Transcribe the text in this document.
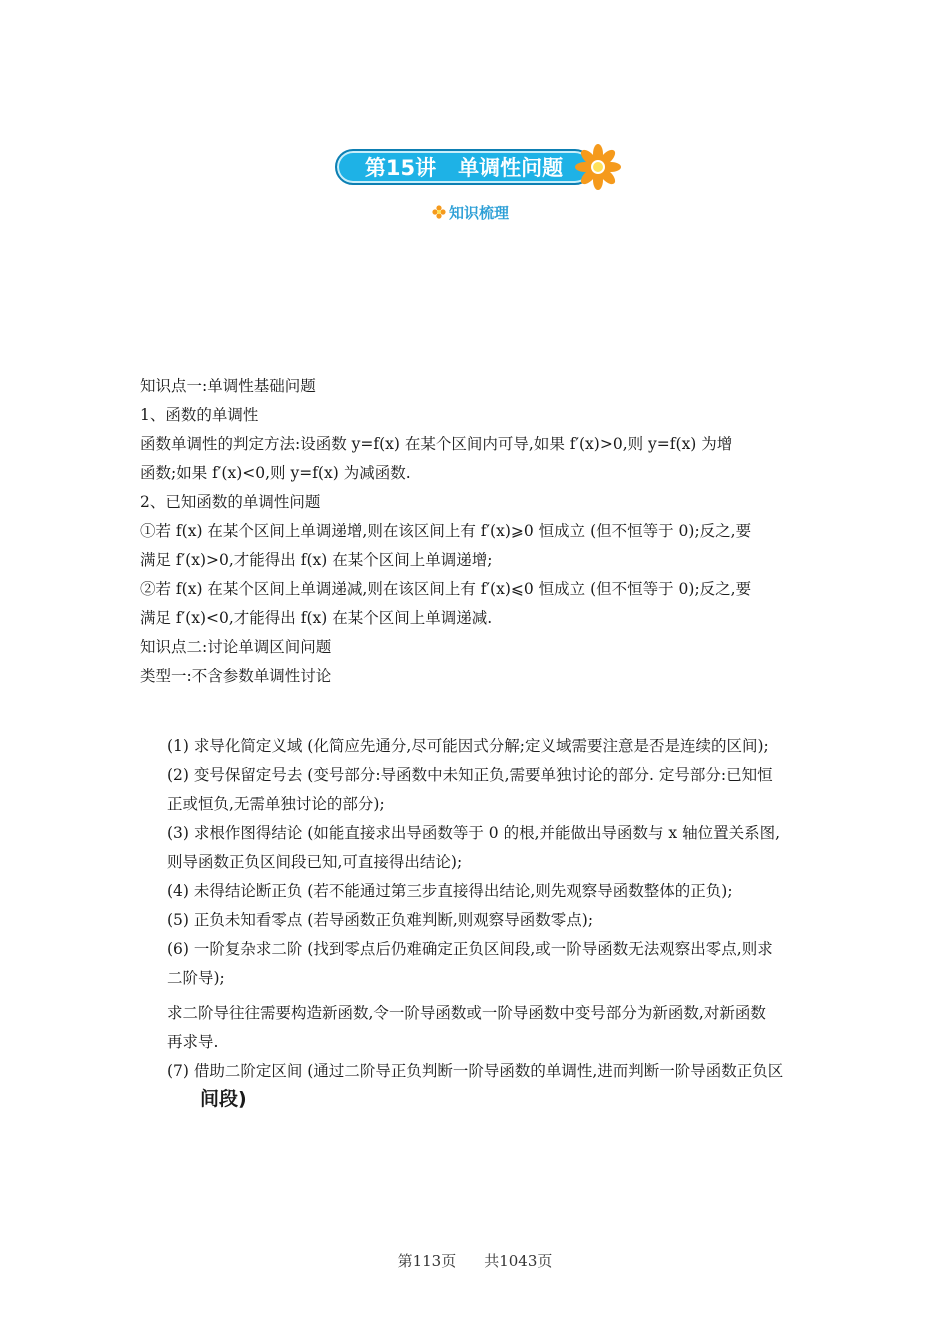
第15讲 单调性问题
知识梳理
知识点一:单调性基础问题
1、函数的单调性
函数单调性的判定方法:设函数 y=f(x) 在某个区间内可导,如果 f′(x)>0,则 y=f(x) 为增
函数;如果 f′(x)<0,则 y=f(x) 为减函数.
2、已知函数的单调性问题
①若 f(x) 在某个区间上单调递增,则在该区间上有 f′(x)⩾0 恒成立 (但不恒等于 0);反之,要
满足 f′(x)>0,才能得出 f(x) 在某个区间上单调递增;
②若 f(x) 在某个区间上单调递减,则在该区间上有 f′(x)⩽0 恒成立 (但不恒等于 0);反之,要
满足 f′(x)<0,才能得出 f(x) 在某个区间上单调递减.
知识点二:讨论单调区间问题
类型一:不含参数单调性讨论
(1) 求导化简定义域 (化简应先通分,尽可能因式分解;定义域需要注意是否是连续的区间);
(2) 变号保留定号去 (变号部分:导函数中未知正负,需要单独讨论的部分. 定号部分:已知恒
正或恒负,无需单独讨论的部分);
(3) 求根作图得结论 (如能直接求出导函数等于 0 的根,并能做出导函数与 x 轴位置关系图,
则导函数正负区间段已知,可直接得出结论);
(4) 未得结论断正负 (若不能通过第三步直接得出结论,则先观察导函数整体的正负);
(5) 正负未知看零点 (若导函数正负难判断,则观察导函数零点);
(6) 一阶复杂求二阶 (找到零点后仍难确定正负区间段,或一阶导函数无法观察出零点,则求
二阶导);
求二阶导往往需要构造新函数,令一阶导函数或一阶导函数中变号部分为新函数,对新函数
再求导.
(7) 借助二阶定区间 (通过二阶导正负判断一阶导函数的单调性,进而判断一阶导函数正负区
间段)
第113页 共1043页
